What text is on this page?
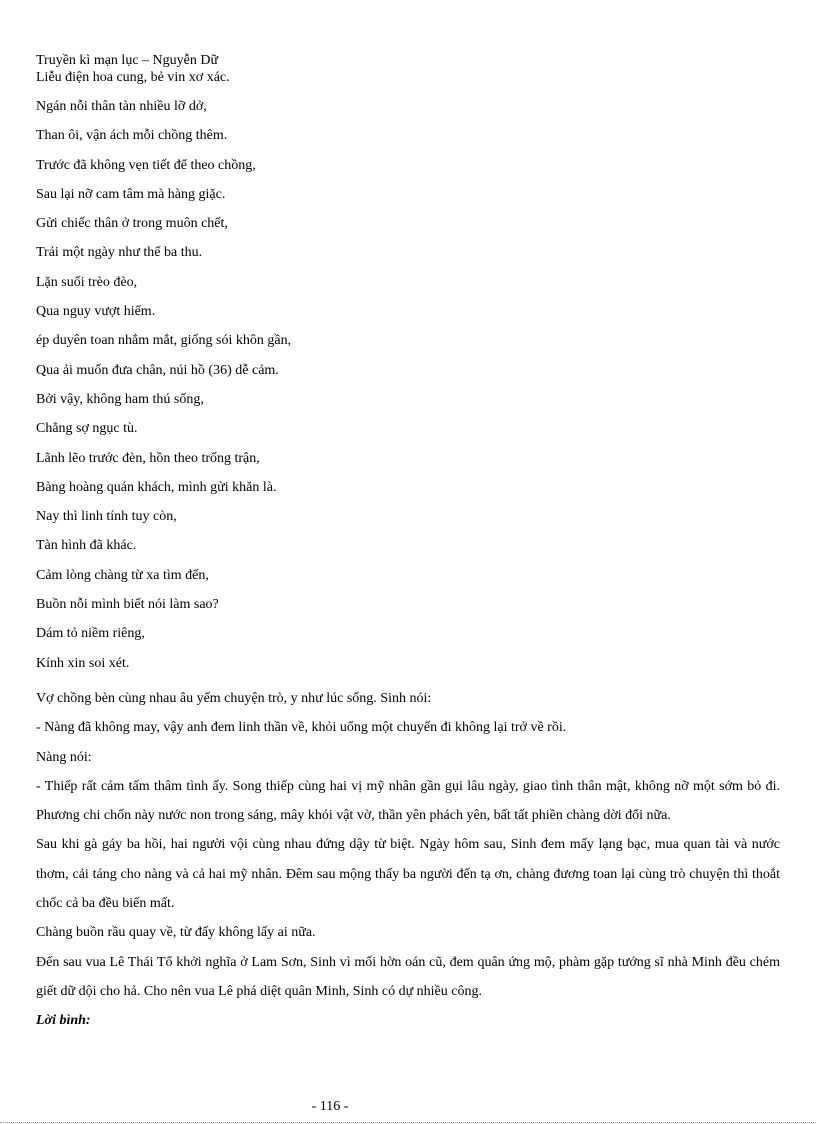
Truyền kì mạn lục – Nguyễn Dữ
Liễu điện hoa cung, bẻ vin xơ xác.
Ngán nỗi thân tàn nhiều lỡ dở,
Than ôi, vận ách mỗi chồng thêm.
Trước đã không vẹn tiết để theo chồng,
Sau lại nỡ cam tâm mà hàng giặc.
Gửi chiếc thân ở trong muôn chết,
Trải một ngày như thể ba thu.
Lặn suối trèo đèo,
Qua nguy vượt hiểm.
ép duyên toan nhắm mắt, giống sói khôn gần,
Qua ải muốn đưa chân, núi hồ (36) dễ cảm.
Bởi vậy, không ham thú sống,
Chẳng sợ ngục tù.
Lãnh lẽo trước đèn, hồn theo trống trận,
Bàng hoàng quán khách, mình gửi khăn là.
Nay thì linh tính tuy còn,
Tàn hình đã khác.
Cảm lòng chàng từ xa tìm đến,
Buồn nỗi mình biết nói làm sao?
Dám tỏ niềm riêng,
Kính xin soi xét.
Vợ chồng bèn cùng nhau âu yếm chuyện trò, y như lúc sống. Sinh nói:
- Nàng đã không may, vậy anh đem linh thần về, khỏi uổng một chuyến đi không lại trở về rồi.
Nàng nói:
- Thiếp rất cảm tấm thâm tình ấy. Song thiếp cùng hai vị mỹ nhân gần gụi lâu ngày, giao tình thân mật, không nỡ một sớm bỏ đi. Phương chi chốn này nước non trong sáng, mây khói vật vờ, thần yên phách yên, bất tất phiền chàng dời đổi nữa.
Sau khi gà gáy ba hồi, hai người vội cùng nhau đứng dậy từ biệt. Ngày hôm sau, Sinh đem mấy lạng bạc, mua quan tài và nước thơm, cải táng cho nàng và cả hai mỹ nhân. Đêm sau mộng thấy ba người đến tạ ơn, chàng đương toan lại cùng trò chuyện thì thoắt chốc cả ba đều biến mất.
Chàng buồn rầu quay về, từ đấy không lấy ai nữa.
Đến sau vua Lê Thái Tổ khởi nghĩa ở Lam Sơn, Sinh vì mối hờn oán cũ, đem quân ứng mộ, phàm gặp tướng sĩ nhà Minh đều chém giết dữ dội cho hả. Cho nên vua Lê phá diệt quân Minh, Sinh có dự nhiều công.
Lời bình:
- 116 -
